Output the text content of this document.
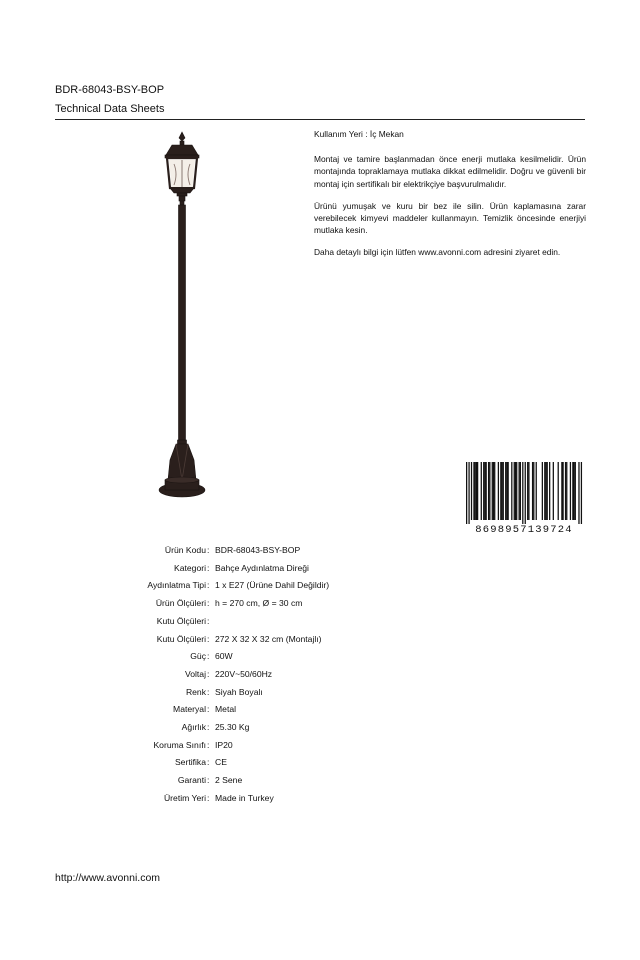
BDR-68043-BSY-BOP
Technical Data Sheets

Kullanım Yeri : İç Mekan

Montaj ve tamire başlanmadan önce enerji mutlaka kesilmelidir. Ürün montajında topraklamaya mutlaka dikkat edilmelidir. Doğru ve güvenli bir montaj için sertifikalı bir elektrikçiye başvurulmalıdır.

Ürünü yumuşak ve kuru bir bez ile silin. Ürün kaplamasına zarar verebilecek kimyevi maddeler kullanmayın. Temizlik öncesinde enerjiyi mutlaka kesin.

Daha detaylı bilgi için lütfen www.avonni.com adresini ziyaret edin.

8698957139724
Ürün Kodu : BDR-68043-BSY-BOP
Kategori : Bahçe Aydınlatma Direği
Aydınlatma Tipi : 1 x E27 (Ürüne Dahil Değildir)
Ürün Ölçüleri : h = 270 cm, Ø = 30 cm
Kutu Ölçüleri :
Kutu Ölçüleri : 272 X 32 X 32 cm (Montajlı)
Güç : 60W
Voltaj : 220V~50/60Hz
Renk : Siyah Boyalı
Materyal : Metal
Ağırlık : 25.30 Kg
Koruma Sınıfı : IP20
Sertifika : CE
Garanti : 2 Sene
Üretim Yeri : Made in Turkey
http://www.avonni.com
